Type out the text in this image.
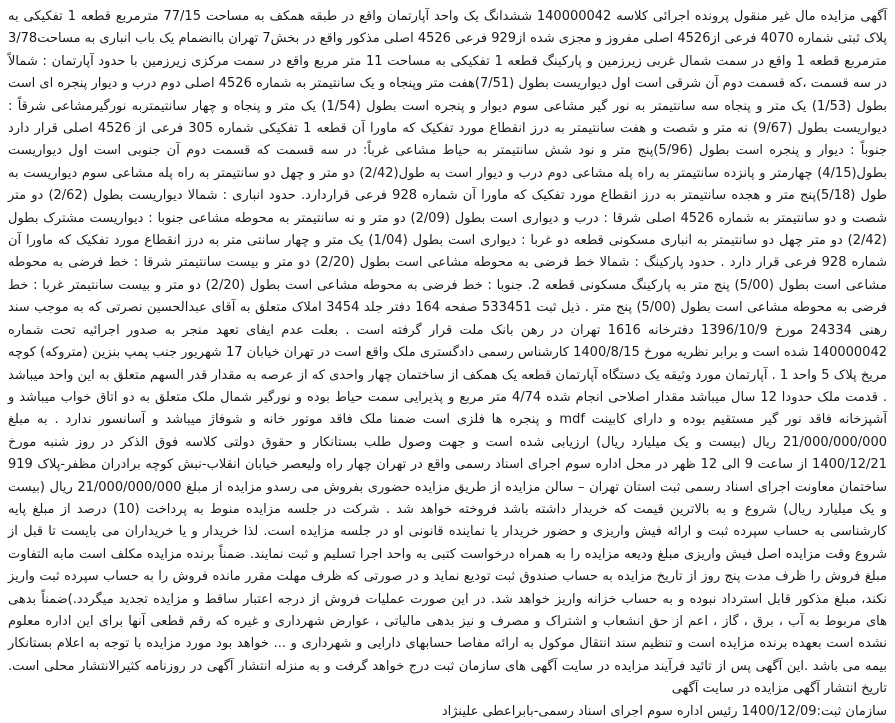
آگهی مزایده مال غیر منقول پرونده اجرائی کلاسه 140000042 ششدانگ یک واحد آپارتمان واقع در طبقه همکف به مساحت 77/15 مترمربع قطعه 1 تفکیکی به پلاک ثبتی شماره 4070 فرعی از4526 اصلی مفروز و مجزی شده از929 فرعی 4526 اصلی مذکور واقع در بخش7 تهران باانضمام یک باب انباری به مساحت3/78 مترمربع قطعه 1 واقع در سمت شمال غربی زیرزمین و پارکینگ قطعه 1 تفکیکی به مساحت 11 متر مربع واقع در سمت مرکزی زیرزمین با حدود آپارتمان : شمالاً در سه قسمت ،که قسمت دوم آن شرقی است اول دیواریست بطول (7/51)هفت متر وپنجاه و یک سانتیمتر به شماره 4526 اصلی دوم درب و دیوار پنجره ای است بطول (1/53) یک متر و پنجاه سه سانتیمتر به نور گیر مشاعی سوم دیوار و پنجره است بطول (1/54) یک متر و پنجاه و چهار سانتیمتربه نورگیرمشاعی شرقاً : دیواریست بطول (9/67) نه متر و شصت و هفت سانتیمتر به درز انقطاع مورد تفکیک که ماورا آن قطعه 1 تفکیکی شماره 305 فرعی از 4526 اصلی قرار دارد جنوباً : دیوار و پنجره است بطول (5/96)پنج متر و نود شش سانتیمتر به حیاط مشاعی غرباً: در سه قسمت که قسمت دوم آن جنوبی است اول دیواریست بطول(4/15) چهارمتر و پانزده سانتیمتر به راه پله مشاعی دوم درب و دیوار است به طول(2/42) دو متر و چهل دو سانتیمتر به راه پله مشاعی سوم دیواریست به طول (5/18)پنج متر و هجده سانتیمتر به درز انقطاع مورد تفکیک که ماورا آن شماره 928 فرعی قراردارد. حدود انباری : شمالا دیواریست بطول (2/62) دو متر شصت و دو سانتیمتر به شماره 4526 اصلی شرقا : درب و دیواری است بطول (2/09) دو متر و نه سانتیمتر به محوطه مشاعی جنوبا : دیواریست مشترک بطول (2/42) دو متر چهل دو سانتیمتر به انباری مسکونی قطعه دو غربا : دیواری است بطول (1/04) یک متر و چهار سانتی متر به درز انقطاع مورد تفکیک که ماورا آن شماره 928 فرعی قرار دارد . حدود پارکینگ : شمالا خط فرضی به محوطه مشاعی است بطول (2/20) دو متر و بیست سانتیمتر شرقا : خط فرضی به محوطه مشاعی است بطول (5/00) پنج متر به پارکینگ مسکونی قطعه 2. جنوبا : خط فرضی به محوطه مشاعی است بطول (2/20) دو متر و بیست سانتیمتر غربا : خط فرضی به محوطه مشاعی است بطول (5/00) پنج متر . ذیل ثبت 533451 صفحه 164 دفتر جلد 3454 املاک متعلق به آقای عبدالحسین نصرتی که به موجب سند رهنی 24334 مورخ 1396/10/9 دفترخانه 1616 تهران در رهن بانک ملت قرار گرفته است . بعلت عدم ایفای تعهد منجر به صدور اجرائیه تحت شماره 140000042 شده است و برابر نظریه مورخ 1400/8/15 کارشناس رسمی دادگستری ملک واقع است در تهران خیابان 17 شهریور جنب پمپ بنزین (متروکه) کوچه مریخ پلاک 5 واحد 1 . آپارتمان مورد وثیقه یک دستگاه آپارتمان قطعه یک همکف از ساختمان چهار واحدی که از عرصه به مقدار قدر السهم متعلق به این واحد میباشد . قدمت ملک حدودا 12 سال میباشد مقدار اصلاحی انجام شده 4/74 متر مربع و پذیرایی سمت حیاط بوده و نورگیر شمال ملک متعلق به دو اتاق خواب میباشد و آشپزخانه فاقد نور گیر مستقیم بوده و دارای کابینت mdf و پنجره ها فلزی است ضمنا ملک فاقد موتور خانه و شوفاژ میباشد و آسانسور ندارد . به مبلغ 21/000/000/000 ریال (بیست و یک میلیارد ریال) ارزیابی شده است و جهت وصول طلب بستانکار و حقوق دولتی کلاسه فوق الذکر در روز شنبه مورخ 1400/12/21 از ساعت 9 الی 12 ظهر در محل اداره سوم اجرای اسناد رسمی واقع در تهران چهار راه ولیعصر خیابان انقلاب-نبش کوچه برادران مظفر-پلاک 919 ساختمان معاونت اجرای اسناد رسمی ثبت استان تهران – سالن مزایده از طریق مزایده حضوری بفروش می رسدو مزایده از مبلغ 21/000/000/000 ریال (بیست و یک میلیارد ریال) شروع و به بالاترین قیمت که خریدار داشته باشد فروخته خواهد شد . شرکت در جلسه مزایده منوط به پرداخت (10) درصد از مبلغ پایه کارشناسی به حساب سپرده ثبت و ارائه فیش واریزی و حضور خریدار یا نماینده قانونی او در جلسه مزایده است. لذا خریدار و یا خریداران می بایست تا قبل از شروع وقت مزایده اصل فیش واریزی مبلغ ودیعه مزایده را به همراه درخواست کتبی به واحد اجرا تسلیم و ثبت نمایند. ضمناً برنده مزایده مکلف است مابه التفاوت مبلغ فروش را ظرف مدت پنج روز از تاریخ مزایده به حساب صندوق ثبت تودیع نماید و در صورتی که ظرف مهلت مقرر مانده فروش را به حساب سپرده ثبت واریز نکند، مبلغ مذکور قابل استرداد نبوده و به حساب خزانه واریز خواهد شد. در این صورت عملیات فروش از درجه اعتبار ساقط و مزایده تجدید میگردد.)ضمناً بدهی های مربوط به آب ، برق ، گاز ، اعم از حق انشعاب و اشتراک و مصرف و نیز بدهی مالیاتی ، عوارض شهرداری و غیره که رقم قطعی آنها برای این اداره معلوم نشده است بعهده برنده مزایده است و تنظیم سند انتقال موکول به ارائه مفاصا حسابهای دارایی و شهرداری و ... خواهد بود مورد مزایده با توجه به اعلام بستانکار بیمه می باشد .این آگهی پس از تائید فرآیند مزایده در سایت آگهی های سازمان ثبت درج خواهد گرفت و به منزله انتشار آگهی در روزنامه کثیرالانتشار محلی است. تاریخ انتشار آگهی مزایده در سایت آگهی

سازمان ثبت:1400/12/09 رئیس اداره سوم اجرای اسناد رسمی-بابراعطی علینژاد
